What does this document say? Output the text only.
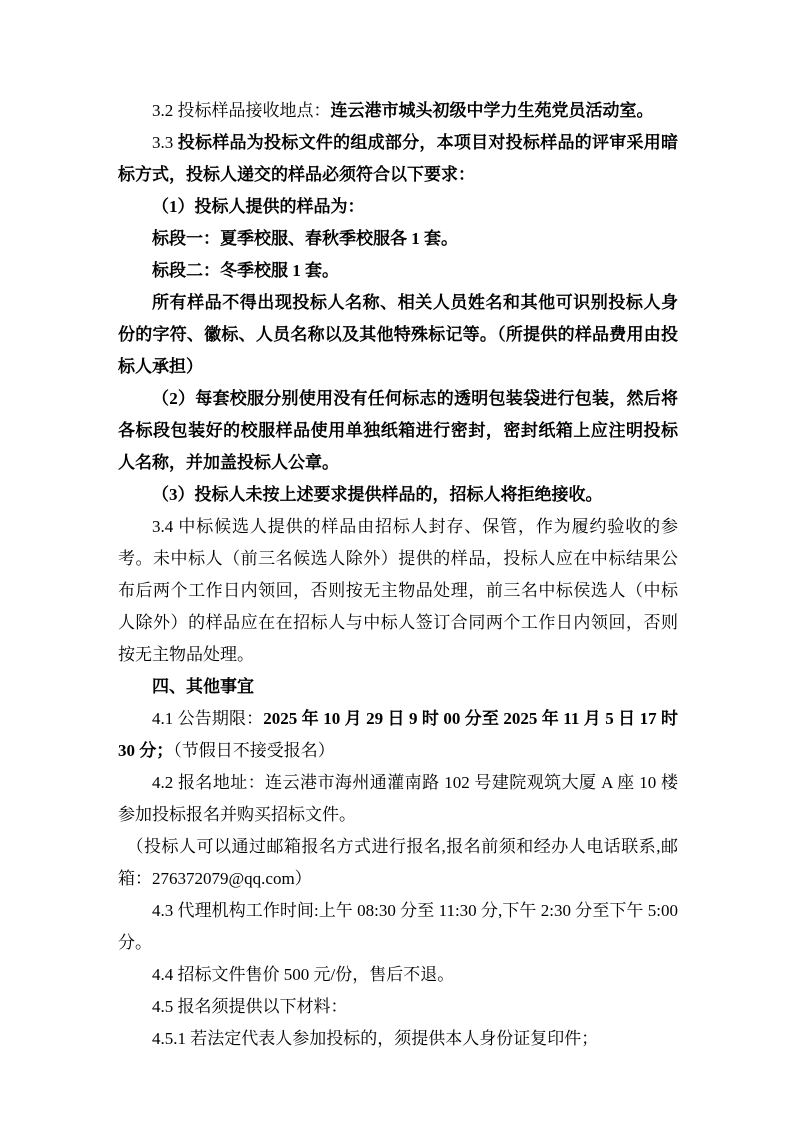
3.2 投标样品接收地点：连云港市城头初级中学力生苑党员活动室。

3.3 投标样品为投标文件的组成部分，本项目对投标样品的评审采用暗标方式，投标人递交的样品必须符合以下要求：

（1）投标人提供的样品为：

标段一：夏季校服、春秋季校服各 1 套。

标段二：冬季校服 1 套。

所有样品不得出现投标人名称、相关人员姓名和其他可识别投标人身份的字符、徽标、人员名称以及其他特殊标记等。（所提供的样品费用由投标人承担）

（2）每套校服分别使用没有任何标志的透明包装袋进行包装，然后将各标段包装好的校服样品使用单独纸箱进行密封，密封纸箱上应注明投标人名称，并加盖投标人公章。

（3）投标人未按上述要求提供样品的，招标人将拒绝接收。

3.4 中标候选人提供的样品由招标人封存、保管，作为履约验收的参考。未中标人（前三名候选人除外）提供的样品，投标人应在中标结果公布后两个工作日内领回，否则按无主物品处理，前三名中标侯选人（中标人除外）的样品应在在招标人与中标人签订合同两个工作日内领回，否则按无主物品处理。

四、其他事宜

4.1 公告期限：2025 年 10 月 29 日 9 时 00 分至 2025 年 11 月 5 日 17 时 30 分；（节假日不接受报名）

4.2 报名地址：连云港市海州通灌南路 102 号建院观筑大厦 A 座 10 楼参加投标报名并购买招标文件。

（投标人可以通过邮箱报名方式进行报名,报名前须和经办人电话联系,邮箱：276372079@qq.com）

4.3 代理机构工作时间:上午 08:30 分至 11:30 分,下午 2:30 分至下午 5:00 分。

4.4 招标文件售价 500 元/份，售后不退。

4.5 报名须提供以下材料：

4.5.1 若法定代表人参加投标的，须提供本人身份证复印件；
